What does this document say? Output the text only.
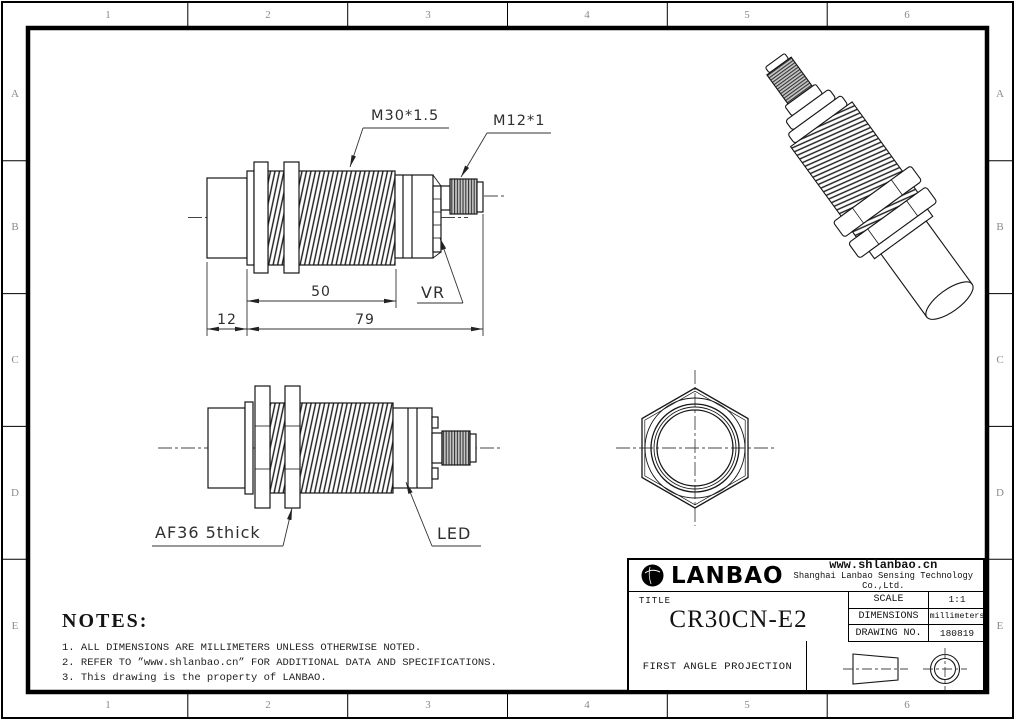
1	2	3	4	5	6
1	2	3	4	5	6
A
B
C
D
E
A
B
C
D
E
M30*1.5	M12*1
VR
AF36 5thick	LED
50
79
12
NOTES:
1. ALL DIMENSIONS ARE MILLIMETERS UNLESS OTHERWISE NOTED.
2. REFER TO ”www.shlanbao.cn” FOR ADDITIONAL DATA AND SPECIFICATIONS.
3. This drawing is the property of LANBAO.
LANBAO	www.shlanbao.cn
Shanghai Lanbao Sensing Technology Co.,Ltd.
TITLE
CR30CN-E2
SCALE	1:1
DIMENSIONS	millimeters
DRAWING NO.	180819
FIRST ANGLE PROJECTION
